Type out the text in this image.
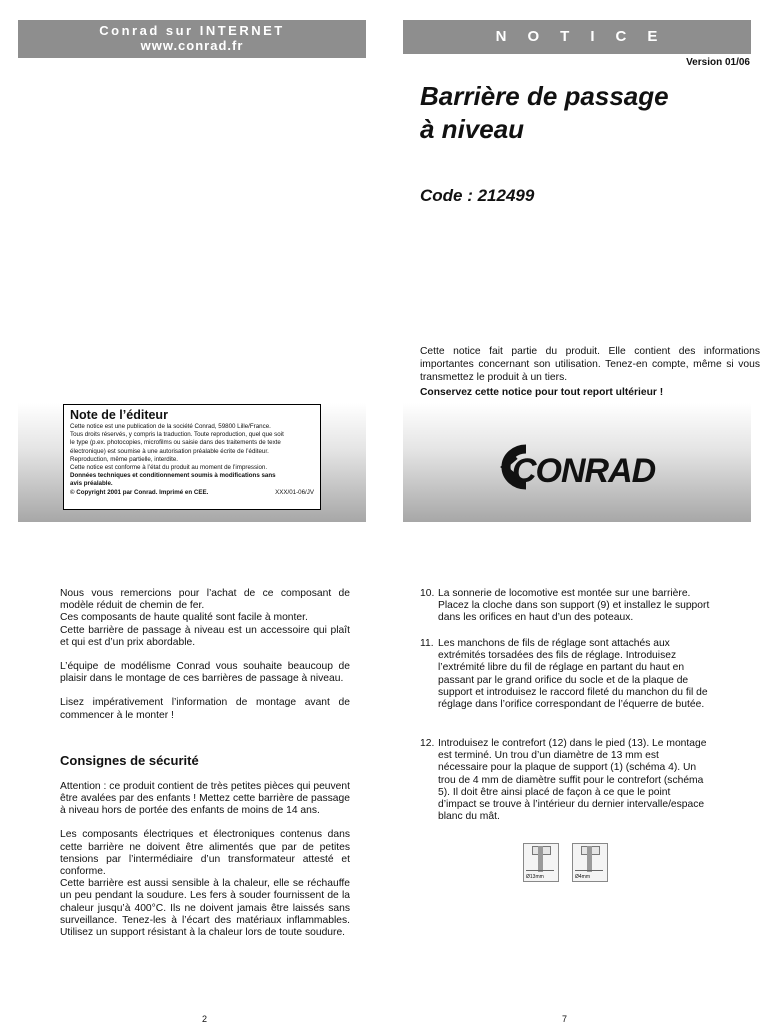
Conrad sur INTERNET
www.conrad.fr
NOTICE
Version 01/06
Barrière de passage
à niveau
Code : 212499
Cette notice fait partie du produit. Elle contient des informations importantes concernant son utilisation. Tenez-en compte, même si vous transmettez le produit à un tiers.
Conservez cette notice pour tout report ultérieur !
Note de l’éditeur

Cette notice est une publication de la société Conrad, 59800 Lille/France.

Tous droits réservés, y compris la traduction. Toute reproduction, quel que soit

le type (p.ex. photocopies, microfilms ou saisie dans des traitements de texte

électronique) est soumise à une autorisation préalable écrite de l’éditeur.

Reproduction, même partielle, interdite.

Cette notice est conforme à l’état du produit au moment de l’impression.

Données techniques et conditionnement soumis à modifications sans

avis préalable.

© Copyright 2001 par Conrad. Imprimé en CEE.	XXX/01-06/JV
CONRAD

Nous vous remercions pour l’achat de ce composant de modèle réduit de chemin de fer.

Ces composants de haute qualité sont facile à monter.

Cette barrière de passage à niveau est un accessoire qui plaît et qui est d’un prix abordable.

L’équipe de modélisme Conrad vous souhaite beaucoup de plaisir dans le montage de ces barrières de passage à niveau.

Lisez impérativement l’information de montage avant de commencer à le monter !

Consignes de sécurité

Attention : ce produit contient de très petites pièces qui peuvent être avalées par des enfants ! Mettez cette barrière de passage à niveau hors de portée des enfants de moins de 14 ans.

Les composants électriques et électroniques contenus dans cette barrière ne doivent être alimentés que par de petites tensions par l’intermédiaire d’un transformateur attesté et conforme.

Cette barrière est aussi sensible à la chaleur, elle se réchauffe un peu pendant la soudure. Les fers à souder fournissent de la chaleur jusqu’à 400°C. Ils ne doivent jamais être laissés sans surveillance. Tenez-les à l’écart des matériaux inflammables. Utilisez un support résistant à la chaleur lors de toute soudure.

10. La sonnerie de locomotive est montée sur une barrière. Placez la cloche dans son support (9) et installez le support dans les orifices en haut d’un des poteaux.
11. Les manchons de fils de réglage sont attachés aux extrémités torsadées des fils de réglage. Introduisez l’extrémité libre du fil de réglage en partant du haut en passant par le grand orifice du socle et de la plaque de support et introduisez le raccord fileté du manchon du fil de réglage dans l’orifice correspondant de l’équerre de butée.
12. Introduisez le contrefort (12) dans le pied (13). Le montage est terminé. Un trou d’un diamètre de 13 mm est nécessaire pour la plaque de support (1) (schéma 4). Un trou de 4 mm de diamètre suffit pour le contrefort (schéma 5). Il doit être ainsi placé de façon à ce que le point d’impact se trouve à l’intérieur du dernier intervalle/espace blanc du mât.
Ø13mm	Ø4mm
2	7
